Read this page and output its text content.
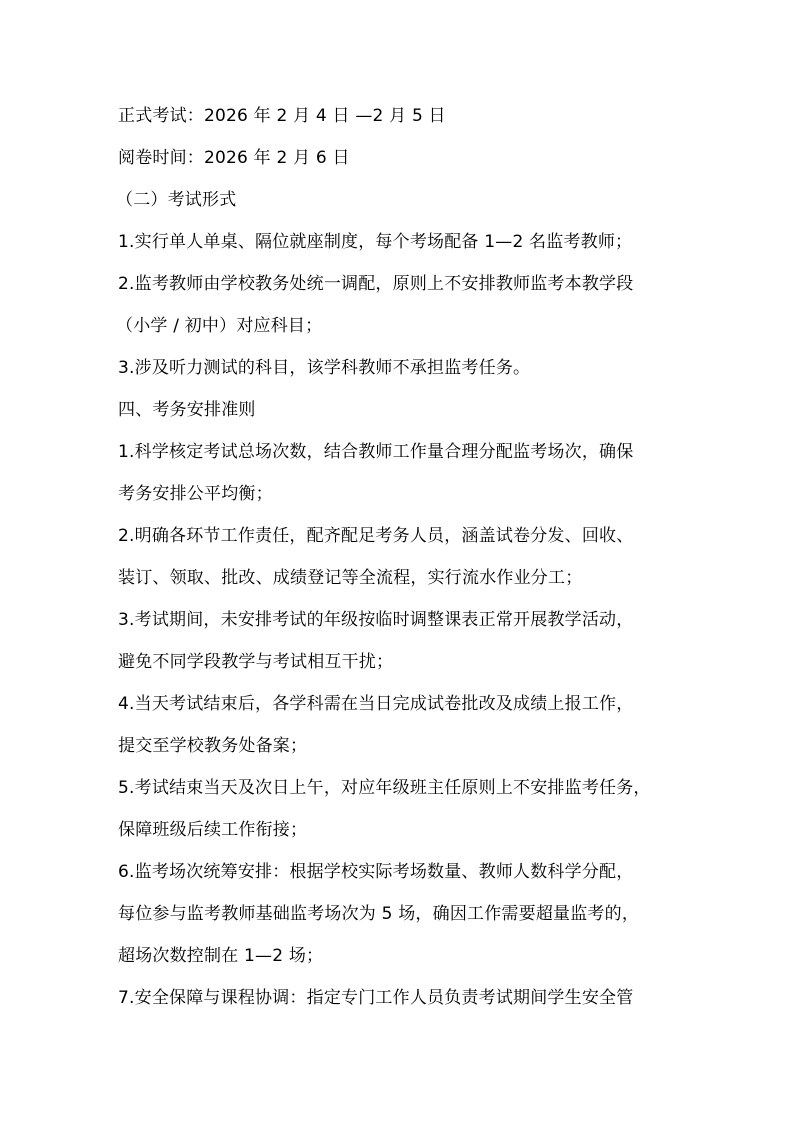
正式考试：2026 年 2 月 4 日 —2 月 5 日
阅卷时间：2026 年 2 月 6 日
（二）考试形式
1.实行单人单桌、隔位就座制度，每个考场配备 1—2 名监考教师；
2.监考教师由学校教务处统一调配，原则上不安排教师监考本教学段
（小学 / 初中）对应科目；
3.涉及听力测试的科目，该学科教师不承担监考任务。
四、考务安排准则
1.科学核定考试总场次数，结合教师工作量合理分配监考场次，确保
考务安排公平均衡；
2.明确各环节工作责任，配齐配足考务人员，涵盖试卷分发、回收、
装订、领取、批改、成绩登记等全流程，实行流水作业分工；
3.考试期间，未安排考试的年级按临时调整课表正常开展教学活动，
避免不同学段教学与考试相互干扰；
4.当天考试结束后，各学科需在当日完成试卷批改及成绩上报工作，
提交至学校教务处备案；
5.考试结束当天及次日上午，对应年级班主任原则上不安排监考任务，
保障班级后续工作衔接；
6.监考场次统筹安排：根据学校实际考场数量、教师人数科学分配，
每位参与监考教师基础监考场次为 5 场，确因工作需要超量监考的，
超场次数控制在 1—2 场；
7.安全保障与课程协调：指定专门工作人员负责考试期间学生安全管
